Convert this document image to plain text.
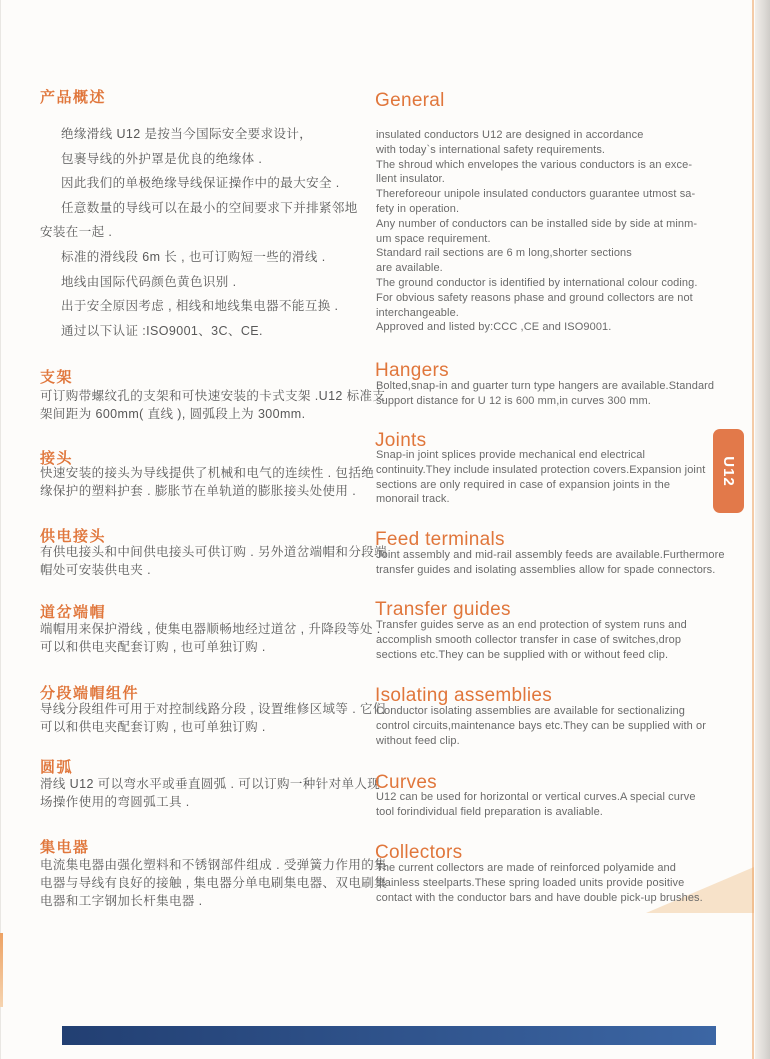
产品概述
绝缘滑线 U12 是按当今国际安全要求设计，
包裹导线的外护罩是优良的绝缘体 .
因此我们的单极绝缘导线保证操作中的最大安全 .
任意数量的导线可以在最小的空间要求下并排紧邻地
安装在一起 .
标准的滑线段 6m 长 , 也可订购短一些的滑线 .
地线由国际代码颜色黄色识别 .
出于安全原因考虑 , 相线和地线集电器不能互换 .
通过以下认证 :ISO9001、3C、CE.
支架
可订购带螺纹孔的支架和可快速安装的卡式支架 .U12 标准支
架间距为 600mm( 直线 ), 圆弧段上为 300mm.
接头
快速安装的接头为导线提供了机械和电气的连续性 . 包括绝
缘保护的塑料护套 . 膨胀节在单轨道的膨胀接头处使用 .
供电接头
有供电接头和中间供电接头可供订购 . 另外道岔端帽和分段端
帽处可安装供电夹 .
道岔端帽
端帽用来保护滑线 , 使集电器顺畅地经过道岔 , 升降段等处 .
可以和供电夹配套订购 , 也可单独订购 .
分段端帽组件
导线分段组件可用于对控制线路分段 , 设置维修区域等 . 它们
可以和供电夹配套订购 , 也可单独订购 .
圆弧
滑线 U12 可以弯水平或垂直圆弧 . 可以订购一种针对单人现
场操作使用的弯圆弧工具 .
集电器
电流集电器由强化塑料和不锈钢部件组成 . 受弹簧力作用的集
电器与导线有良好的接触 , 集电器分单电刷集电器、双电刷集
电器和工字钢加长杆集电器 .
General
insulated conductors U12 are designed in accordance
with today`s international safety requirements.
The shroud which envelopes the various conductors is an exce-
llent insulator.
Thereforeour unipole insulated conductors guarantee utmost sa-
fety in operation.
Any number of conductors can be installed side by side at minm-
um space requirement.
Standard rail sections are 6 m long,shorter sections
are available.
The ground conductor is identified by international colour coding.
For obvious safety reasons phase and ground collectors are not
interchangeable.
Approved and listed by:CCC ,CE and ISO9001.
Hangers
Bolted,snap-in and guarter turn type hangers are available.Standard
support distance for U 12 is 600 mm,in curves 300 mm.
Joints
Snap-in joint splices provide mechanical end electrical
continuity.They include insulated protection covers.Expansion joint
sections are only required in case of expansion joints in the
monorail track.
Feed terminals
Joint assembly and mid-rail assembly feeds are available.Furthermore
transfer guides and isolating assemblies allow for spade connectors.
Transfer guides
Transfer guides serve as an end protection of system runs and
accomplish smooth collector transfer in case of switches,drop
sections etc.They can be supplied with or without feed clip.
Isolating assemblies
Conductor isolating assemblies are available for sectionalizing
control circuits,maintenance bays etc.They can be supplied with or
without feed clip.
Curves
U12 can be used for horizontal or vertical curves.A special curve
tool forindividual field preparation is avaliable.
Collectors
The current collectors are made of reinforced polyamide and
stainless steelparts.These spring loaded units provide positive
contact with the conductor bars and have double pick-up brushes.
U12
